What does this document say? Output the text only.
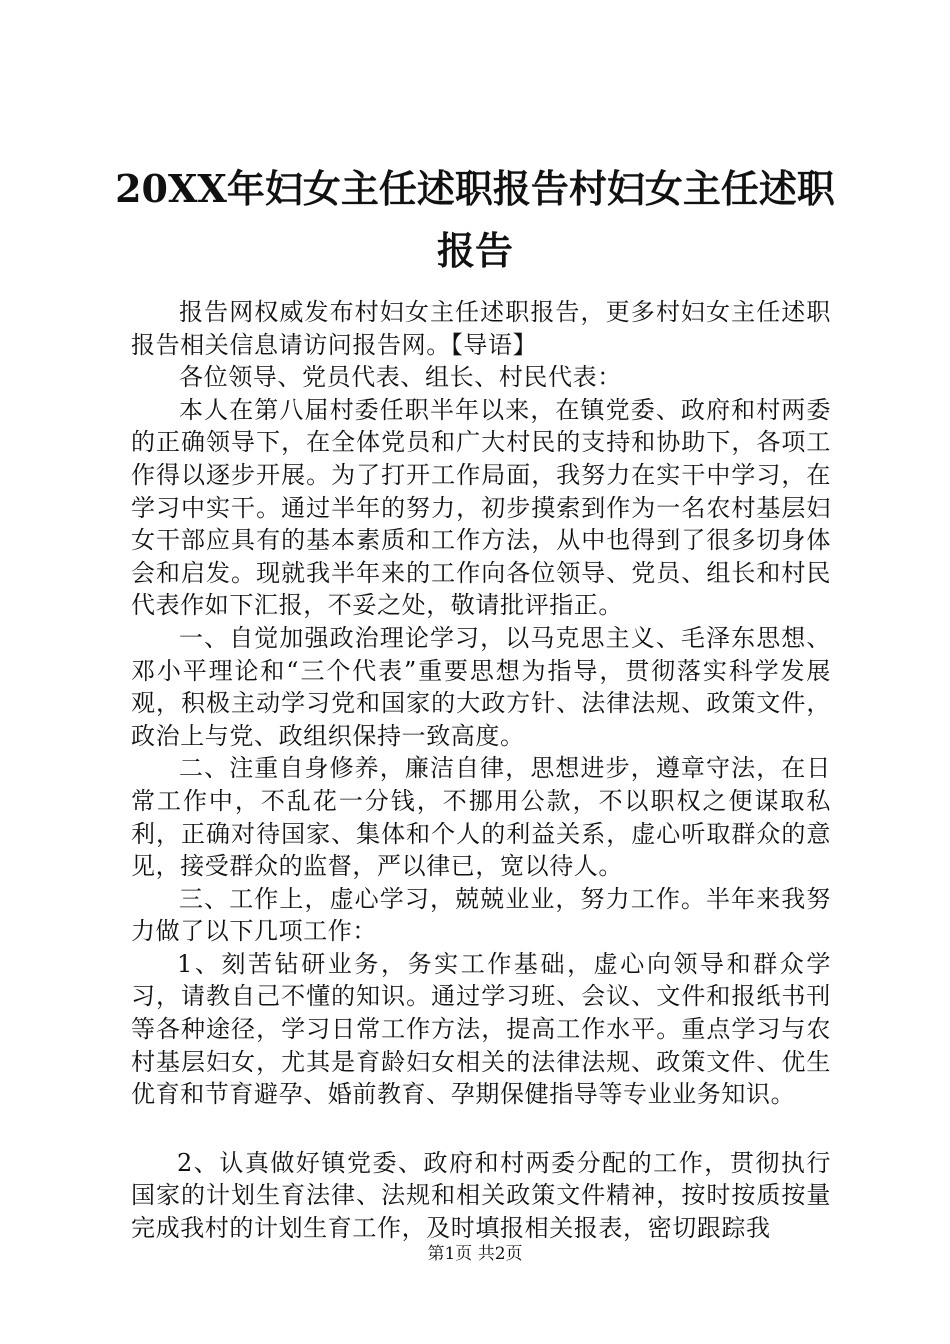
20XX年妇女主任述职报告村妇女主任述职报告

报告网权威发布村妇女主任述职报告，更多村妇女主任述职报告相关信息请访问报告网。【导语】

各位领导、党员代表、组长、村民代表：

本人在第八届村委任职半年以来，在镇党委、政府和村两委的正确领导下，在全体党员和广大村民的支持和协助下，各项工作得以逐步开展。为了打开工作局面，我努力在实干中学习，在学习中实干。通过半年的努力，初步摸索到作为一名农村基层妇女干部应具有的基本素质和工作方法，从中也得到了很多切身体会和启发。现就我半年来的工作向各位领导、党员、组长和村民代表作如下汇报，不妥之处，敬请批评指正。

一、自觉加强政治理论学习，以马克思主义、毛泽东思想、邓小平理论和“三个代表”重要思想为指导，贯彻落实科学发展观，积极主动学习党和国家的大政方针、法律法规、政策文件，政治上与党、政组织保持一致高度。

二、注重自身修养，廉洁自律，思想进步，遵章守法，在日常工作中，不乱花一分钱，不挪用公款，不以职权之便谋取私利，正确对待国家、集体和个人的利益关系，虚心听取群众的意见，接受群众的监督，严以律已，宽以待人。

三、工作上，虚心学习，兢兢业业，努力工作。半年来我努力做了以下几项工作：

1、刻苦钻研业务，务实工作基础，虚心向领导和群众学习，请教自己不懂的知识。通过学习班、会议、文件和报纸书刊等各种途径，学习日常工作方法，提高工作水平。重点学习与农村基层妇女，尤其是育龄妇女相关的法律法规、政策文件、优生优育和节育避孕、婚前教育、孕期保健指导等专业业务知识。

2、认真做好镇党委、政府和村两委分配的工作，贯彻执行国家的计划生育法律、法规和相关政策文件精神，按时按质按量完成我村的计划生育工作，及时填报相关报表，密切跟踪我

第1页 共2页
